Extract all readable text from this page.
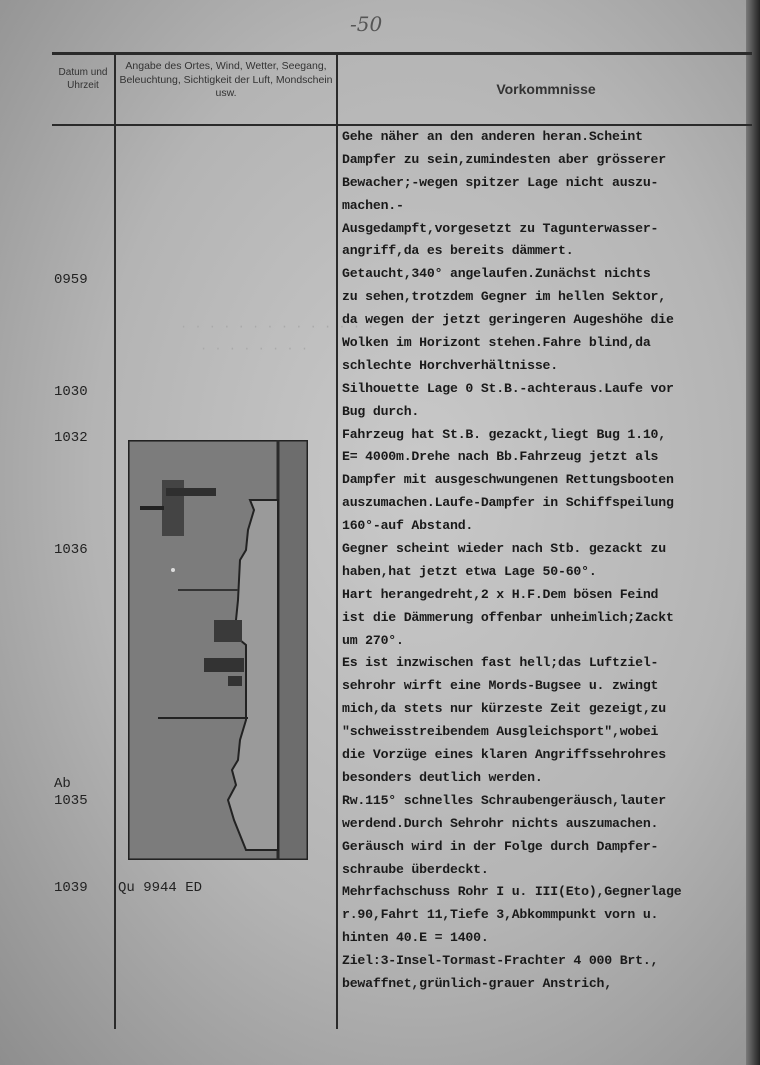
-50
Datum und Uhrzeit
Angabe des Ortes, Wind, Wetter, Seegang, Beleuchtung, Sichtigkeit der Luft, Mondschein usw.	Vorkommnisse
· · · · · · · · · · · · · ·
· · · · · · · ·
0959
1030
1032
1036
Ab
1035
1039 Qu 9944 ED
Gehe näher an den anderen heran.Scheint
Dampfer zu sein,zumindesten aber grösserer
Bewacher;-wegen spitzer Lage nicht auszu-
machen.-
Ausgedampft,vorgesetzt zu Tagunterwasser-
angriff,da es bereits dämmert.
Getaucht,340° angelaufen.Zunächst nichts
zu sehen,trotzdem Gegner im hellen Sektor,
da wegen der jetzt geringeren Augeshöhe die
Wolken im Horizont stehen.Fahre blind,da
schlechte Horchverhältnisse.
Silhouette Lage 0 St.B.-achteraus.Laufe vor
Bug durch.
Fahrzeug hat St.B. gezackt,liegt Bug 1.10,
E= 4000m.Drehe nach Bb.Fahrzeug jetzt als
Dampfer mit ausgeschwungenen Rettungsbooten
auszumachen.Laufe-Dampfer in Schiffspeilung
160°-auf Abstand.
Gegner scheint wieder nach Stb. gezackt zu
haben,hat jetzt etwa Lage 50-60°.
Hart herangedreht,2 x H.F.Dem bösen Feind
ist die Dämmerung offenbar unheimlich;Zackt
um 270°.
Es ist inzwischen fast hell;das Luftziel-
sehrohr wirft eine Mords-Bugsee u. zwingt
mich,da stets nur kürzeste Zeit gezeigt,zu
"schweisstreibendem Ausgleichsport",wobei
die Vorzüge eines klaren Angriffssehrohres
besonders deutlich werden.
Rw.115° schnelles Schraubengeräusch,lauter
werdend.Durch Sehrohr nichts auszumachen.
Geräusch wird in der Folge durch Dampfer-
schraube überdeckt.
Mehrfachschuss Rohr I u. III(Eto),Gegnerlage
r.90,Fahrt 11,Tiefe 3,Abkommpunkt vorn u.
hinten 40.E = 1400.
Ziel:3-Insel-Tormast-Frachter 4 000 Brt.,
bewaffnet,grünlich-grauer Anstrich,
